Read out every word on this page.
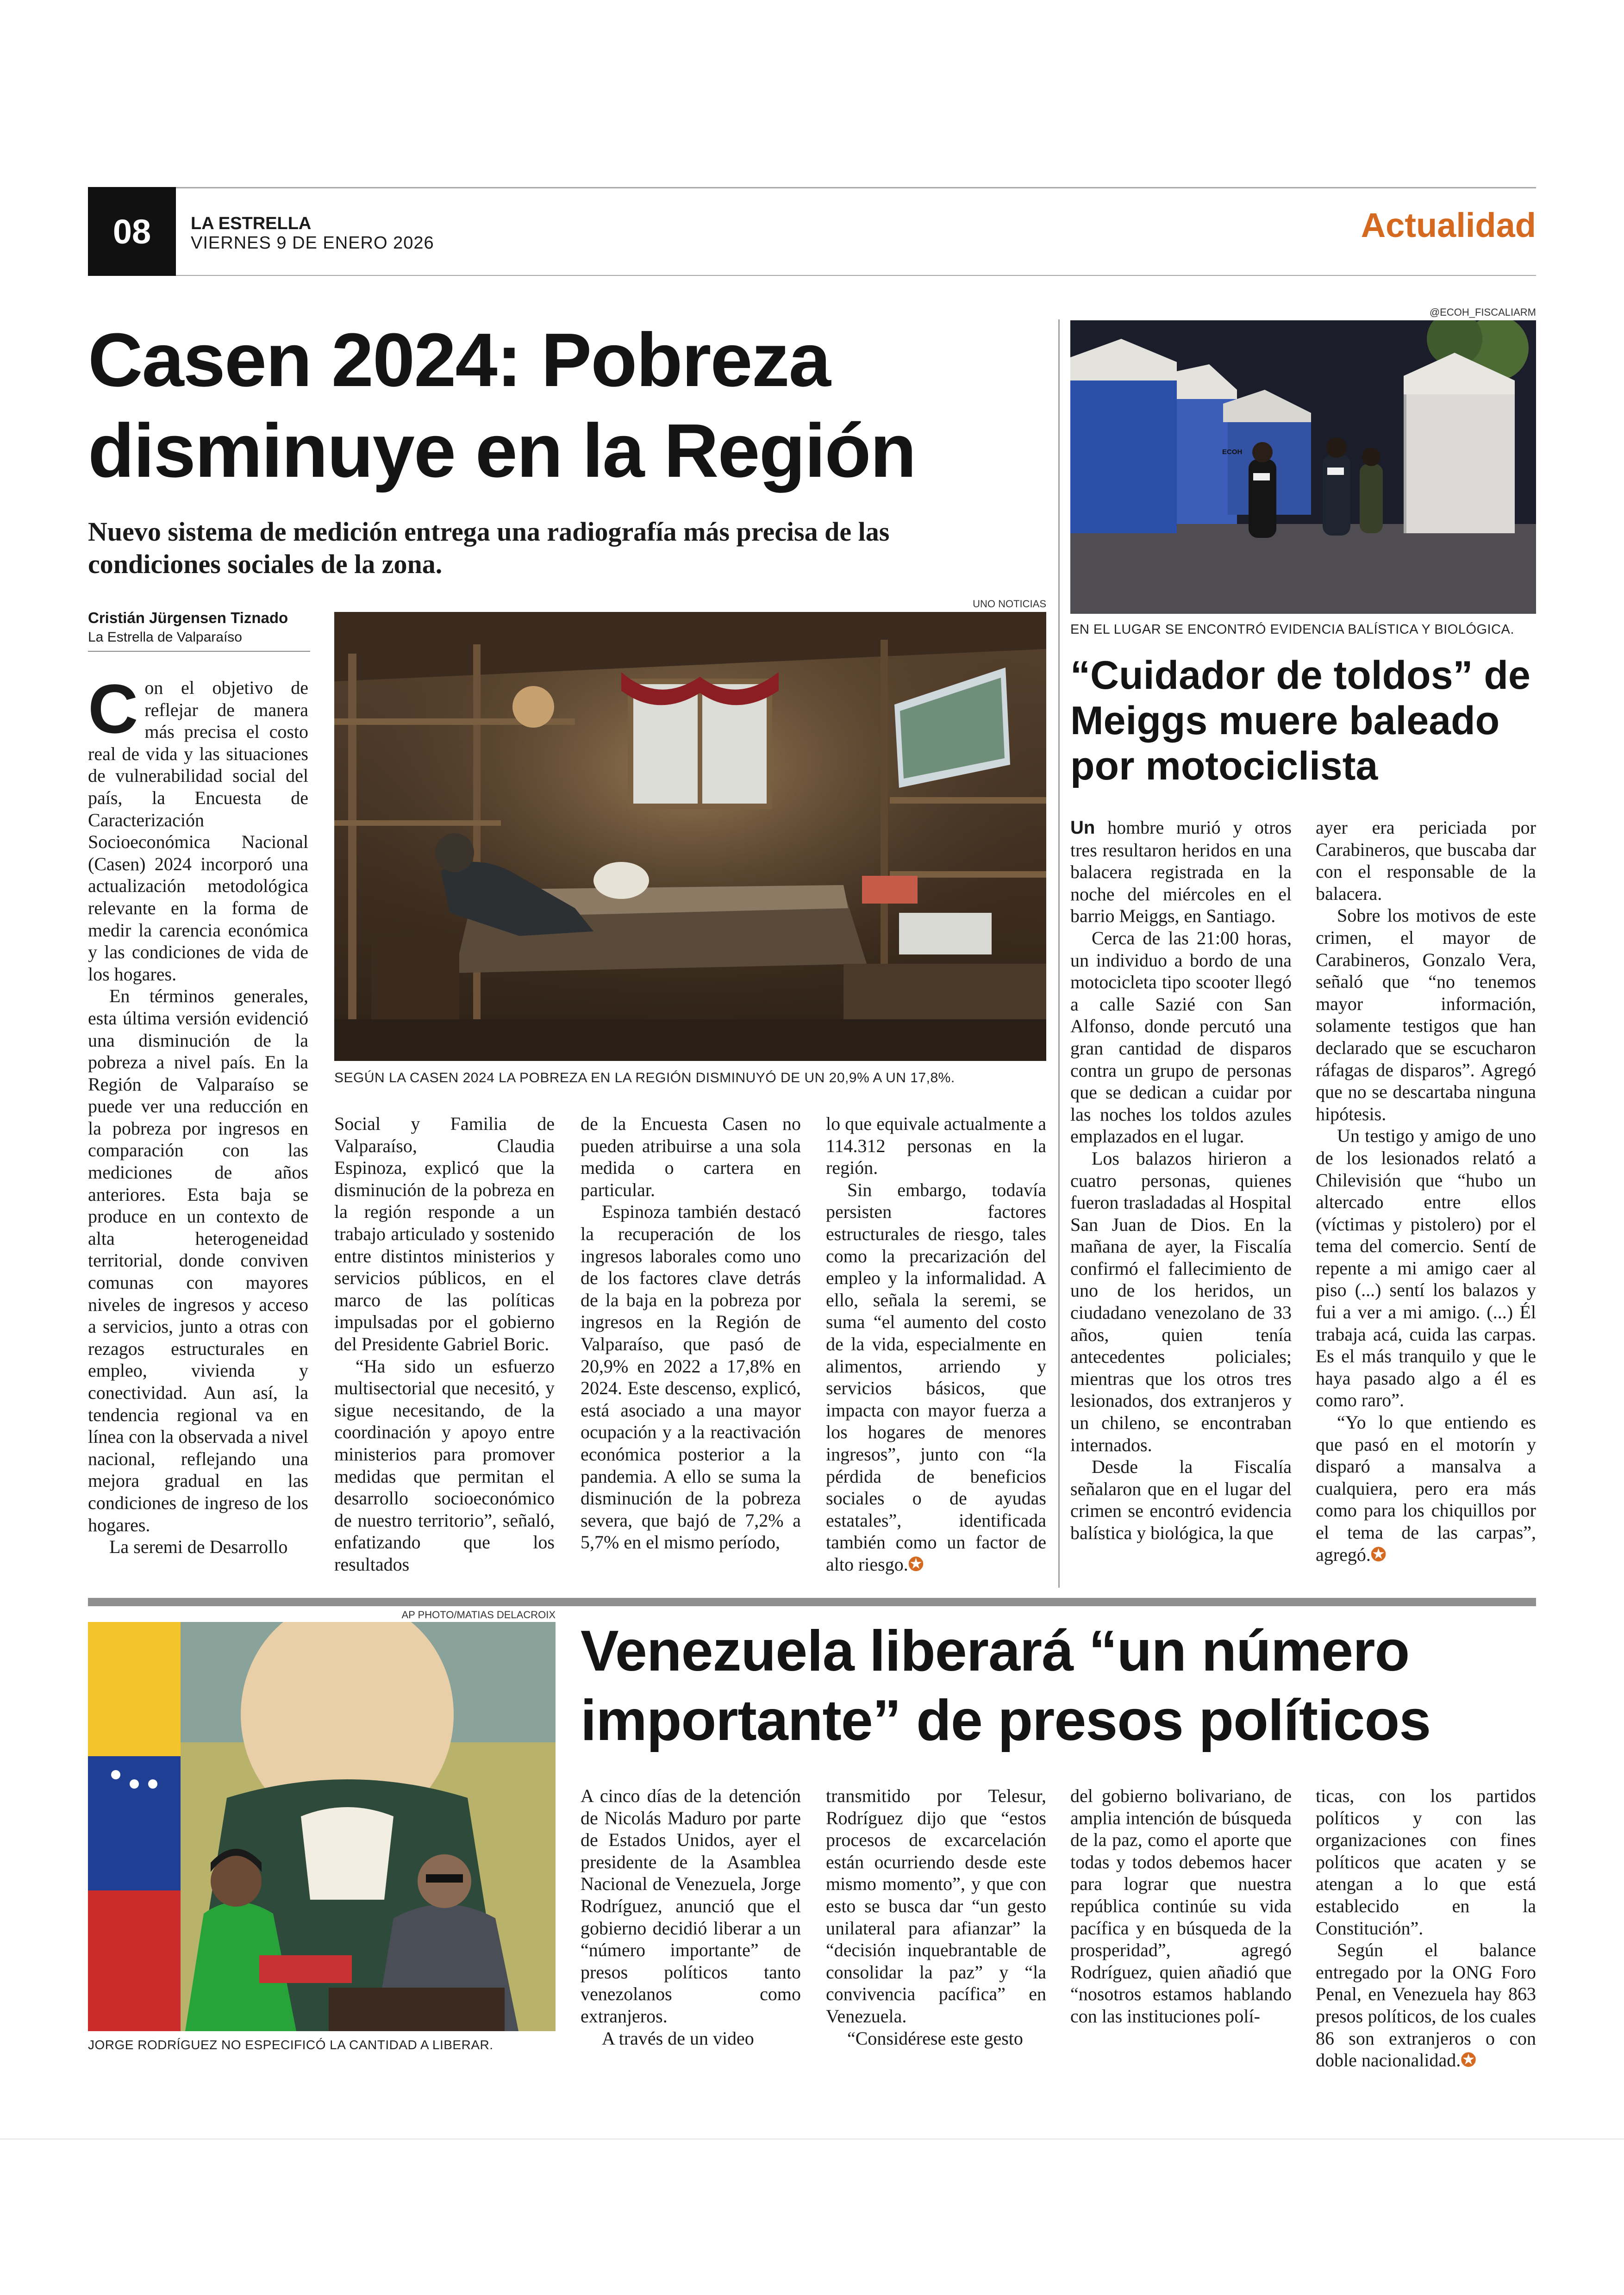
08	LA ESTRELLA
VIERNES 9 DE ENERO 2026	Actualidad
Casen 2024: Pobreza disminuye en la Región
Nuevo sistema de medición entrega una radiografía más precisa de las condiciones sociales de la zona.
Cristián Jürgensen Tiznado
La Estrella de Valparaíso
UNO NOTICIAS
SEGÚN LA CASEN 2024 LA POBREZA EN LA REGIÓN DISMINUYÓ DE UN 20,9% A UN 17,8%.

Con el objetivo de reflejar de manera más precisa el costo real de vida y las situaciones de vulnerabilidad social del país, la Encuesta de Caracterización Socioeconómica Nacional (Casen) 2024 incorporó una actualización metodológica relevante en la forma de medir la carencia económica y las condiciones de vida de los hogares.

En términos generales, esta última versión evidenció una disminución de la pobreza a nivel país. En la Región de Valparaíso se puede ver una reducción en la pobreza por ingresos en comparación con las mediciones de años anteriores. Esta baja se produce en un contexto de alta heterogeneidad territorial, donde conviven comunas con mayores niveles de ingresos y acceso a servicios, junto a otras con rezagos estructurales en empleo, vivienda y conectividad. Aun así, la tendencia regional va en línea con la observada a nivel nacional, reflejando una mejora gradual en las condiciones de ingreso de los hogares.

La seremi de Desarrollo

Social y Familia de Valparaíso, Claudia Espinoza, explicó que la disminución de la pobreza en la región responde a un trabajo articulado y sostenido entre distintos ministerios y servicios públicos, en el marco de las políticas impulsadas por el gobierno del Presidente Gabriel Boric.

“Ha sido un esfuerzo multisectorial que necesitó, y sigue necesitando, de la coordinación y apoyo entre ministerios para promover medidas que permitan el desarrollo socioeconómico de nuestro territorio”, señaló, enfatizando que los resultados

de la Encuesta Casen no pueden atribuirse a una sola medida o cartera en particular.

Espinoza también destacó la recuperación de los ingresos laborales como uno de los factores clave detrás de la baja en la pobreza por ingresos en la Región de Valparaíso, que pasó de 20,9% en 2022 a 17,8% en 2024. Este descenso, explicó, está asociado a una mayor ocupación y a la reactivación económica posterior a la pandemia. A ello se suma la disminución de la pobreza severa, que bajó de 7,2% a 5,7% en el mismo período,

lo que equivale actualmente a 114.312 personas en la región.

Sin embargo, todavía persisten factores estructurales de riesgo, tales como la precarización del empleo y la informalidad. A ello, señala la seremi, se suma “el aumento del costo de la vida, especialmente en alimentos, arriendo y servicios básicos, que impacta con mayor fuerza a los hogares de menores ingresos”, junto con “la pérdida de beneficios sociales o de ayudas estatales”, identificada también como un factor de alto riesgo.✪

@ECOH_FISCALIARM
ECOH
EN EL LUGAR SE ENCONTRÓ EVIDENCIA BALÍSTICA Y BIOLÓGICA.
“Cuidador de toldos” de Meiggs muere baleado por motociclista

Un hombre murió y otros tres resultaron heridos en una balacera registrada en la noche del miércoles en el barrio Meiggs, en Santiago.

Cerca de las 21:00 horas, un individuo a bordo de una motocicleta tipo scooter llegó a calle Sazié con San Alfonso, donde percutó una gran cantidad de disparos contra un grupo de personas que se dedican a cuidar por las noches los toldos azules emplazados en el lugar.

Los balazos hirieron a cuatro personas, quienes fueron trasladadas al Hospital San Juan de Dios. En la mañana de ayer, la Fiscalía confirmó el fallecimiento de uno de los heridos, un ciudadano venezolano de 33 años, quien tenía antecedentes policiales; mientras que los otros tres lesionados, dos extranjeros y un chileno, se encontraban internados.

Desde la Fiscalía señalaron que en el lugar del crimen se encontró evidencia balística y biológica, la que

ayer era periciada por Carabineros, que buscaba dar con el responsable de la balacera.

Sobre los motivos de este crimen, el mayor de Carabineros, Gonzalo Vera, señaló que “no tenemos mayor información, solamente testigos que han declarado que se escucharon ráfagas de disparos”. Agregó que no se descartaba ninguna hipótesis.

Un testigo y amigo de uno de los lesionados relató a Chilevisión que “hubo un altercado entre ellos (víctimas y pistolero) por el tema del comercio. Sentí de repente a mi amigo caer al piso (...) sentí los balazos y fui a ver a mi amigo. (...) Él trabaja acá, cuida las carpas. Es el más tranquilo y que le haya pasado algo a él es como raro”.

“Yo lo que entiendo es que pasó en el motorín y disparó a mansalva a cualquiera, pero era más como para los chiquillos por el tema de las carpas”, agregó.✪

AP PHOTO/MATIAS DELACROIX
JORGE RODRÍGUEZ NO ESPECIFICÓ LA CANTIDAD A LIBERAR.
Venezuela liberará “un número importante” de presos políticos

A cinco días de la detención de Nicolás Maduro por parte de Estados Unidos, ayer el presidente de la Asamblea Nacional de Venezuela, Jorge Rodríguez, anunció que el gobierno decidió liberar a un “número importante” de presos políticos tanto venezolanos como extranjeros.

A través de un video

transmitido por Telesur, Rodríguez dijo que “estos procesos de excarcelación están ocurriendo desde este mismo momento”, y que con esto se busca dar “un gesto unilateral para afianzar” la “decisión inquebrantable de consolidar la paz” y “la convivencia pacífica” en Venezuela.

“Considérese este gesto

del gobierno bolivariano, de amplia intención de búsqueda de la paz, como el aporte que todas y todos debemos hacer para lograr que nuestra república continúe su vida pacífica y en búsqueda de la prosperidad”, agregó Rodríguez, quien añadió que “nosotros estamos hablando con las instituciones polí-

ticas, con los partidos políticos y con las organizaciones con fines políticos que acaten y se atengan a lo que está establecido en la Constitución”.

Según el balance entregado por la ONG Foro Penal, en Venezuela hay 863 presos políticos, de los cuales 86 son extranjeros o con doble nacionalidad.✪
